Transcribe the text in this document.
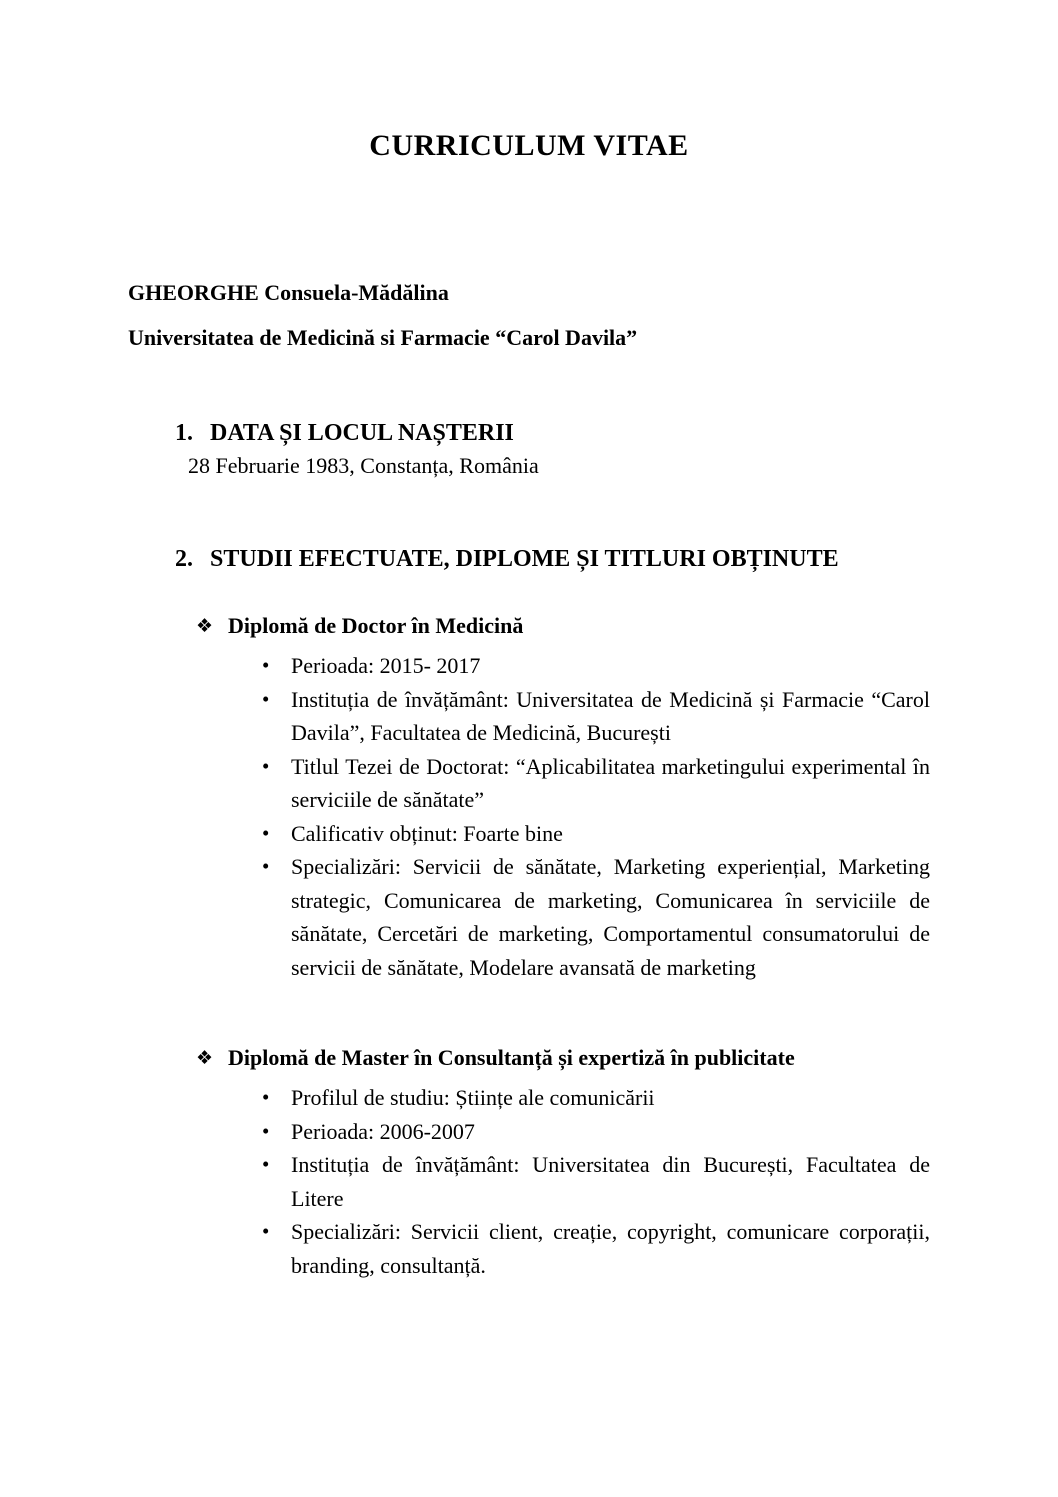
CURRICULUM VITAE

GHEORGHE Consuela-Mădălina

Universitatea de Medicină si Farmacie “Carol Davila”

1. DATA ȘI LOCUL NAȘTERII

28 Februarie 1983, Constanța, România

2. STUDII EFECTUATE, DIPLOME ȘI TITLURI OBȚINUTE
❖ Diplomă de Doctor în Medicină
• Perioada: 2015- 2017

• Instituția de învățământ: Universitatea de Medicină și Farmacie “Carol Davila”, Facultatea de Medicină, București

• Titlul Tezei de Doctorat: “Aplicabilitatea marketingului experimental în serviciile de sănătate”

• Calificativ obținut: Foarte bine

• Specializări: Servicii de sănătate, Marketing experiențial, Marketing strategic, Comunicarea de marketing, Comunicarea în serviciile de sănătate, Cercetări de marketing, Comportamentul consumatorului de servicii de sănătate, Modelare avansată de marketing

❖ Diplomă de Master în Consultanță și expertiză în publicitate
• Profilul de studiu: Științe ale comunicării

• Perioada: 2006-2007

• Instituția de învățământ: Universitatea din București, Facultatea de Litere

• Specializări: Servicii client, creație, copyright, comunicare corporații, branding, consultanță.
